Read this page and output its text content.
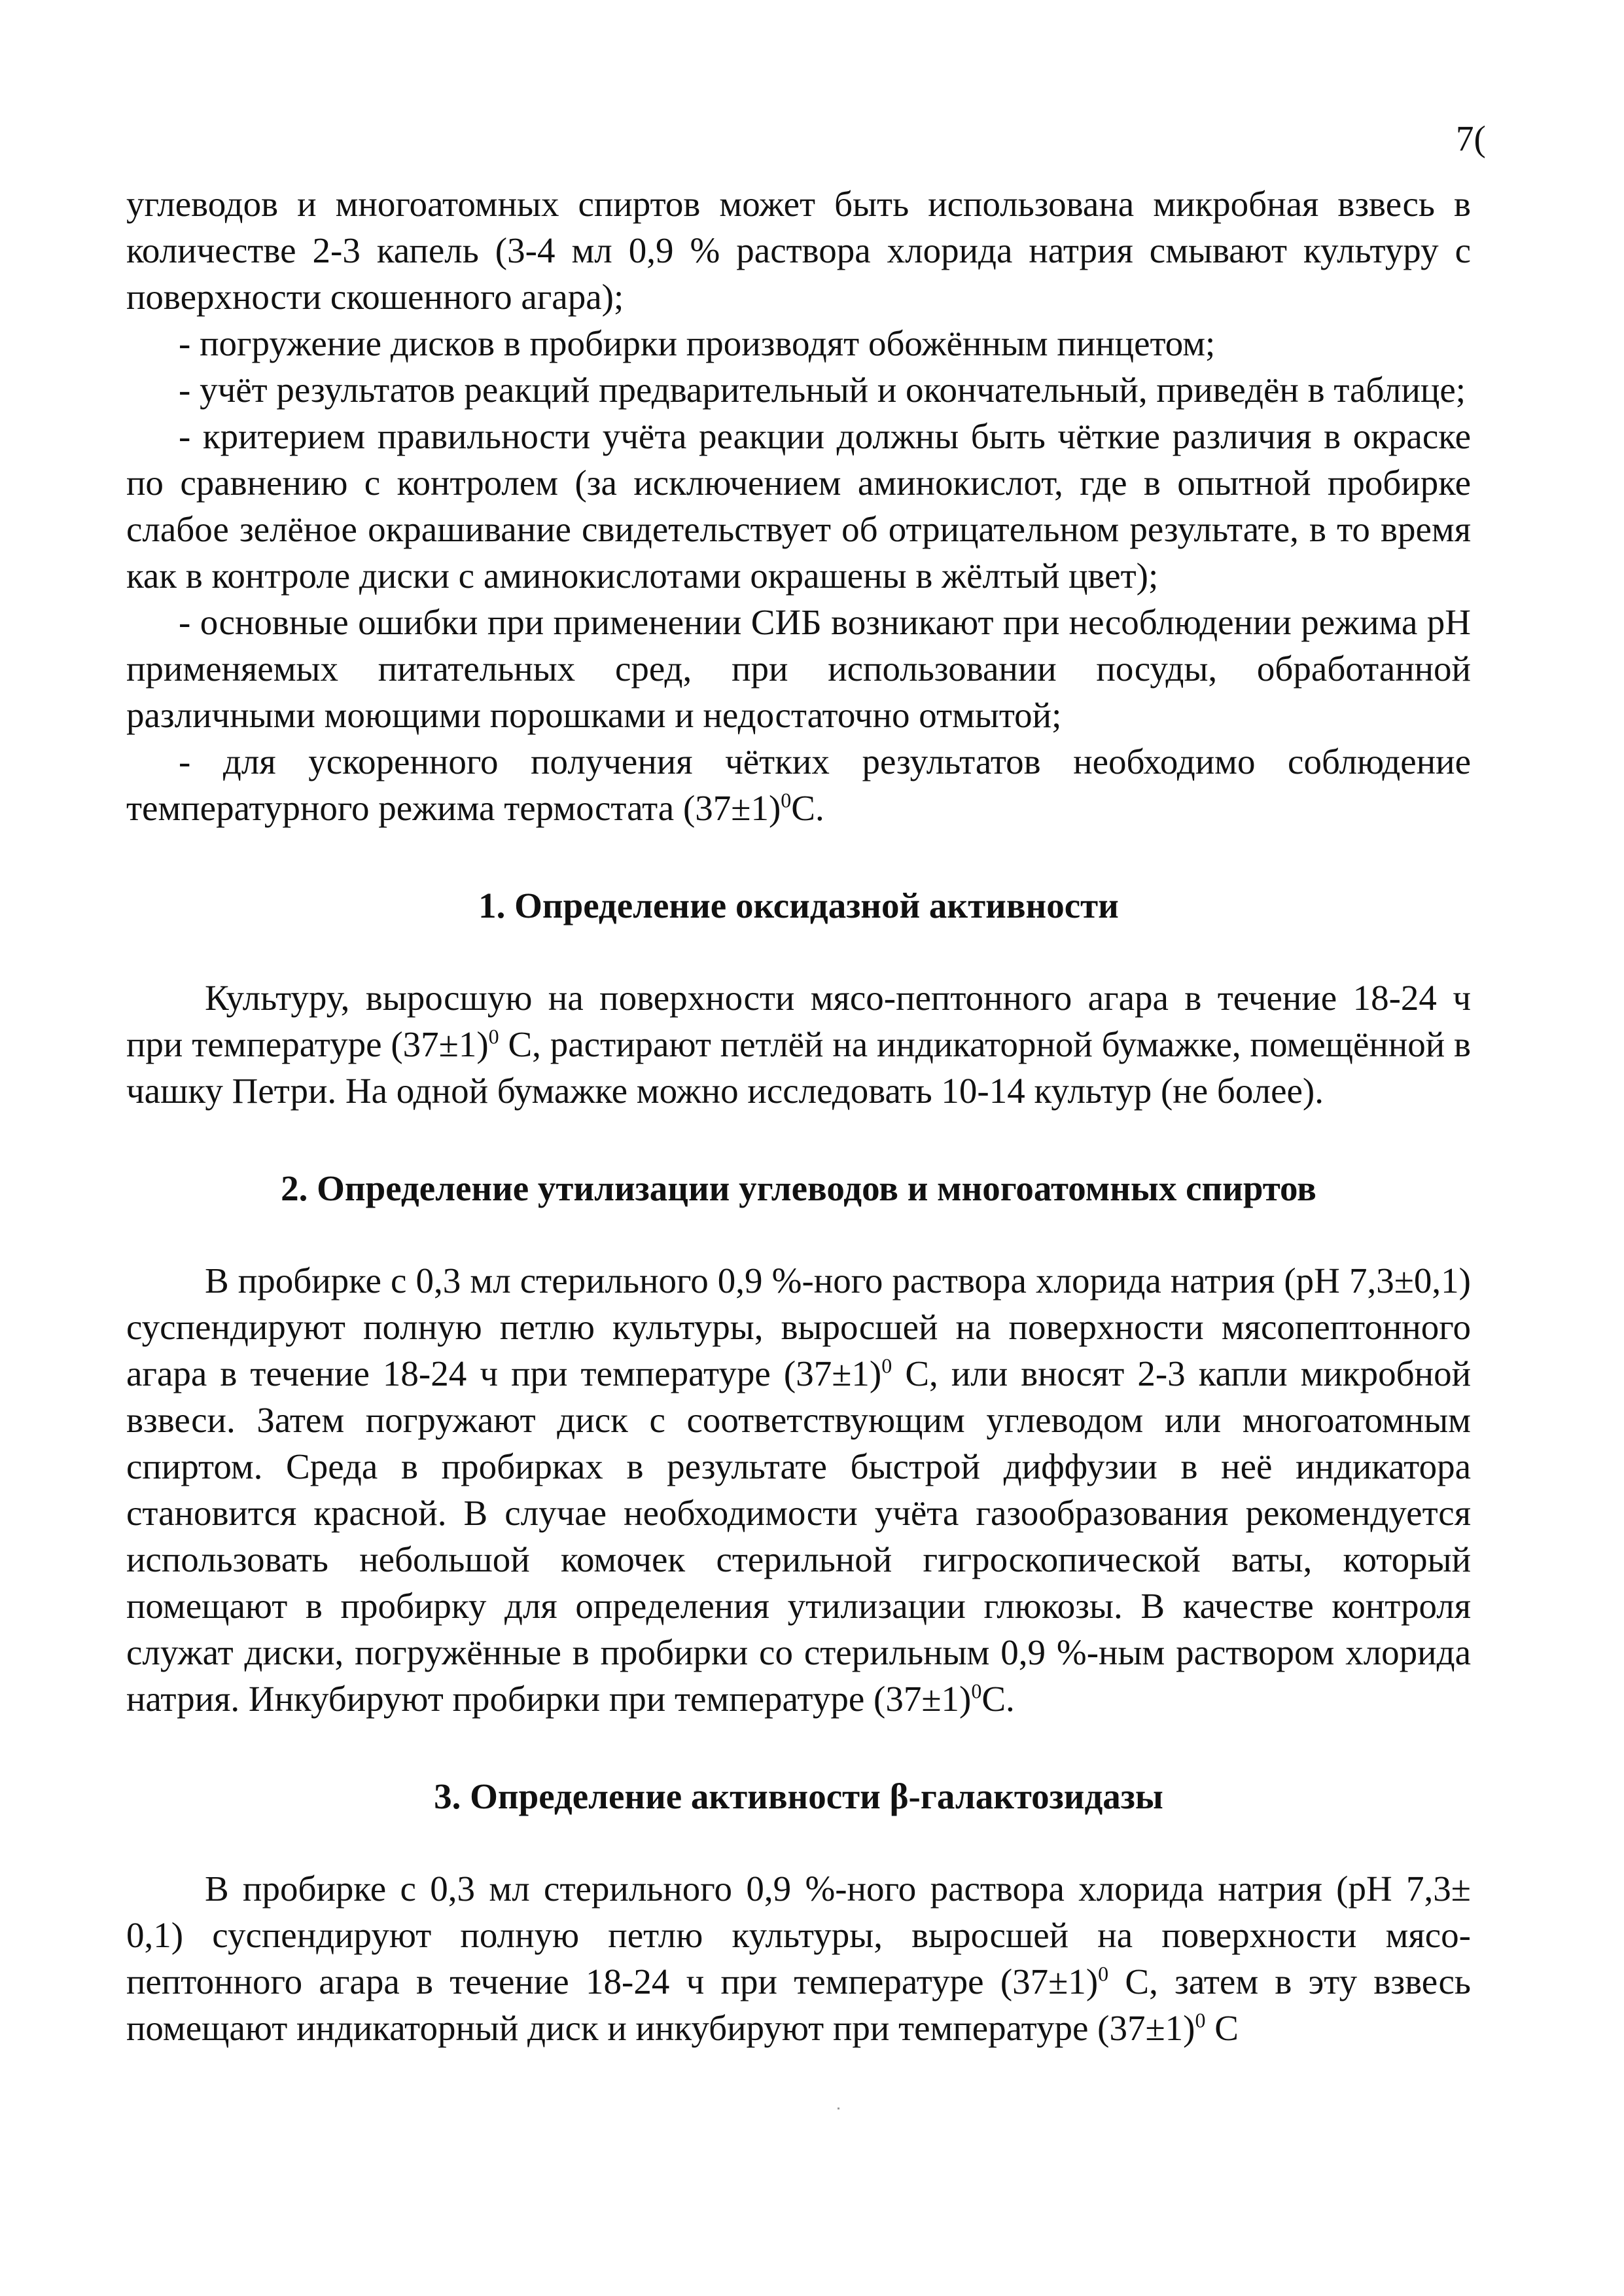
7(

углеводов и многоатомных спиртов может быть использована микробная взвесь в количестве 2-3 капель (3-4 мл 0,9 % раствора хлорида натрия смывают культуру с поверхности скошенного агара);

- погружение дисков в пробирки производят обожённым пинцетом;

- учёт результатов реакций предварительный и окончательный, приведён в таблице;

- критерием правильности учёта реакции должны быть чёткие различия в окраске по сравнению с контролем (за исключением аминокислот, где в опытной пробирке слабое зелёное окрашивание свидетельствует об отрицательном результате, в то время как в контроле диски с аминокислотами окрашены в жёлтый цвет);

- основные ошибки при применении СИБ возникают при несоблюдении режима pH применяемых питательных сред, при использовании посуды, обработанной различными моющими порошками и недостаточно отмытой;

- для ускоренного получения чётких результатов необходимо соблюдение температурного режима термостата $(37\pm 1)^0С$.

1. Определение оксидазной активности

Культуру, выросшую на поверхности мясо-пептонного агара в течение 18-24 ч при температуре $(37\pm 1)^0$ С, растирают петлёй на индикаторной бумажке, помещённой в чашку Петри. На одной бумажке можно исследовать 10-14 культур (не более).

2. Определение утилизации углеводов и многоатомных спиртов

В пробирке с 0,3 мл стерильного 0,9 %-ного раствора хлорида натрия (pH 7,3±0,1) суспендируют полную петлю культуры, выросшей на поверхности мясопептонного агара в течение 18-24 ч при температуре $(37\pm 1)^0$ С, или вносят 2-3 капли микробной взвеси. Затем погружают диск с соответствующим углеводом или многоатомным спиртом. Среда в пробирках в результате быстрой диффузии в неё индикатора становится красной. В случае необходимости учёта газообразования рекомендуется использовать небольшой комочек стерильной гигроскопической ваты, который помещают в пробирку для определения утилизации глюкозы. В качестве контроля служат диски, погружённые в пробирки со стерильным 0,9 %-ным раствором хлорида натрия. Инкубируют пробирки при температуре $(37\pm 1)^0С$.

3. Определение активности β-галактозидазы

В пробирке с 0,3 мл стерильного 0,9 %-ного раствора хлорида натрия (pH 7,3± 0,1) суспендируют полную петлю культуры, выросшей на поверхности мясо-пептонного агара в течение 18-24 ч при температуре $(37\pm 1)^0$ С, затем в эту взвесь помещают индикаторный диск и инкубируют при температуре $(37\pm 1)^0$ С
